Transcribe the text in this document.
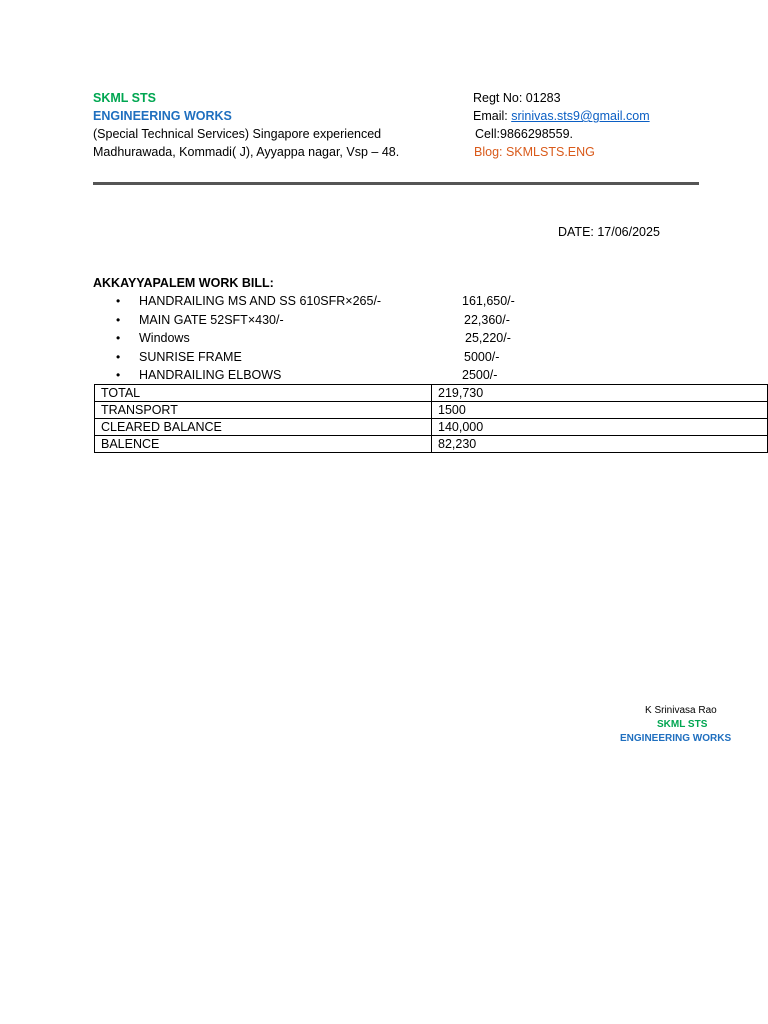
SKML STS
ENGINEERING WORKS
(Special Technical Services) Singapore experienced
Madhurawada, Kommadi( J), Ayyappa nagar, Vsp – 48.
Regt No: 01283
Email: srinivas.sts9@gmail.com
Cell:9866298559.
Blog: SKMLSTS.ENG
DATE: 17/06/2025
AKKAYYAPALEM WORK BILL:
• HANDRAILING MS AND SS 610SFR×265/-	161,650/-
• MAIN GATE 52SFT×430/-	22,360/-
• Windows	25,220/-
• SUNRISE FRAME	5000/-
• HANDRAILING ELBOWS	2500/-
TOTAL	219,730
TRANSPORT	1500
CLEARED BALANCE	140,000
BALENCE	82,230
K Srinivasa Rao
SKML STS
ENGINEERING WORKS
